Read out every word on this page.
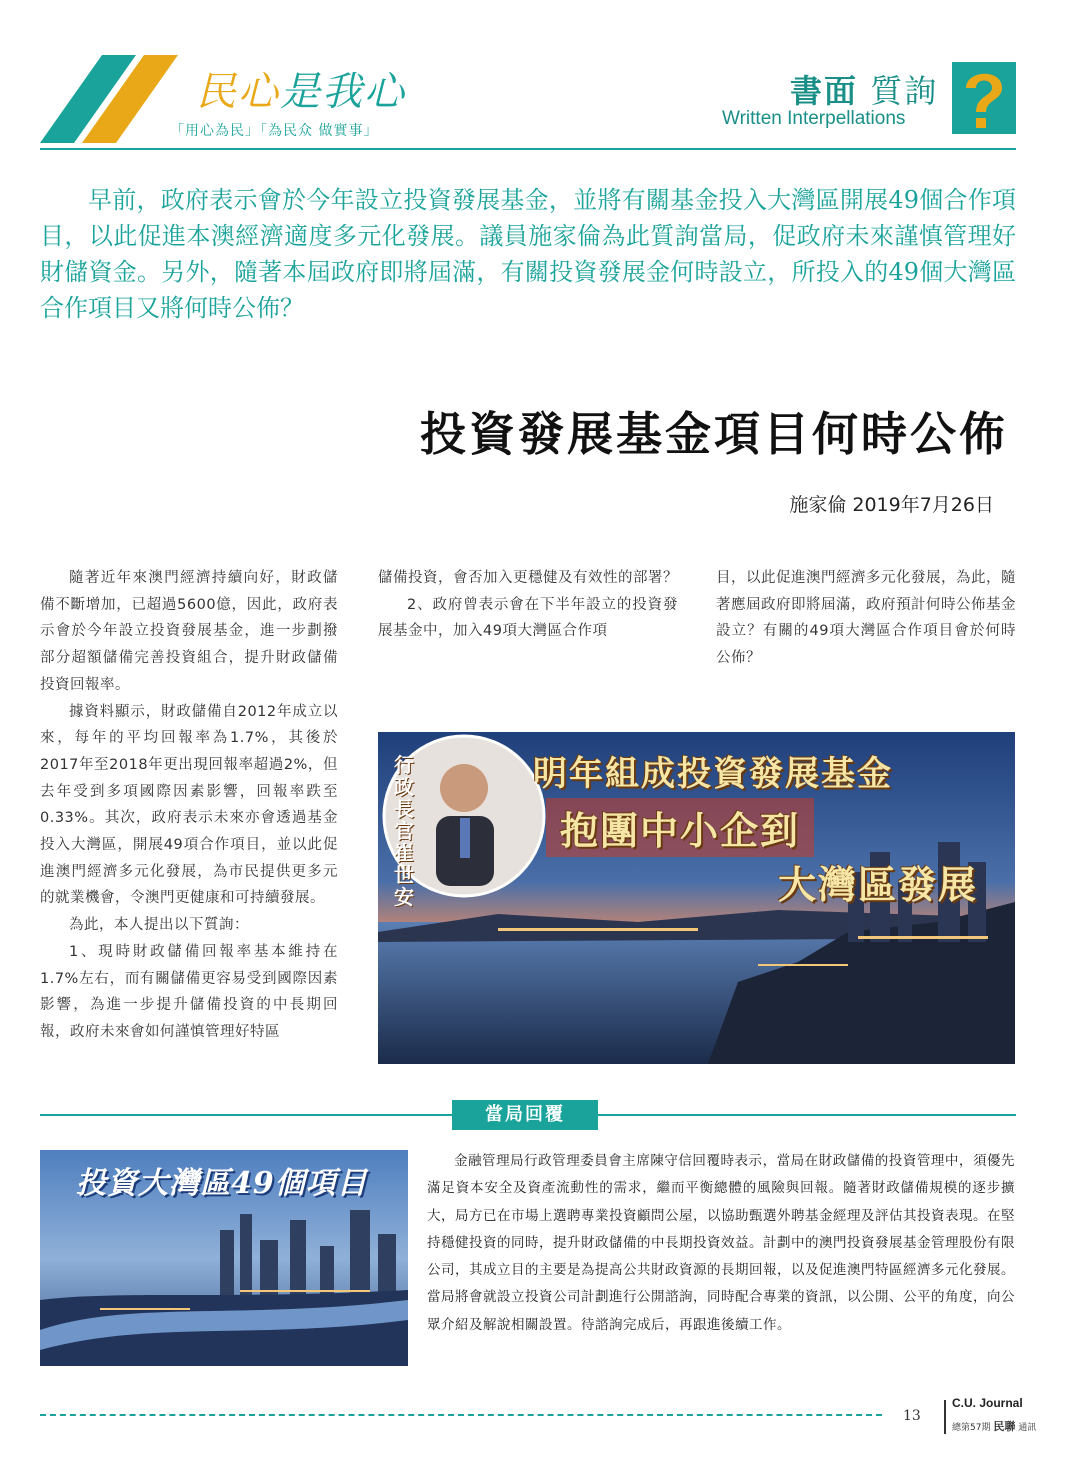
民心是我心
「用心為民」「為民众 做實事」
書面 質詢
Written Interpellations

早前，政府表示會於今年設立投資發展基金，並將有關基金投入大灣區開展49個合作項目，以此促進本澳經濟適度多元化發展。議員施家倫為此質詢當局，促政府未來謹慎管理好財儲資金。另外，隨著本屆政府即將屆滿，有關投資發展金何時設立，所投入的49個大灣區合作項目又將何時公佈？

投資發展基金項目何時公佈
施家倫 2019年7月26日

隨著近年來澳門經濟持續向好，財政儲備不斷增加，已超過5600億，因此，政府表示會於今年設立投資發展基金，進一步劃撥部分超額儲備完善投資組合，提升財政儲備投資回報率。

據資料顯示，財政儲備自2012年成立以來，每年的平均回報率為1.7%，其後於2017年至2018年更出現回報率超過2%，但去年受到多項國際因素影響，回報率跌至0.33%。其次，政府表示未來亦會透過基金投入大灣區，開展49項合作項目，並以此促進澳門經濟多元化發展，為市民提供更多元的就業機會，令澳門更健康和可持續發展。

為此，本人提出以下質詢：

1、現時財政儲備回報率基本維持在1.7%左右，而有關儲備更容易受到國際因素影響，為進一步提升儲備投資的中長期回報，政府未來會如何謹慎管理好特區

儲備投資，會否加入更穩健及有效性的部署？

2、政府曾表示會在下半年設立的投資發展基金中，加入49項大灣區合作項

目，以此促進澳門經濟多元化發展，為此，隨著應屆政府即將屆滿，政府預計何時公佈基金設立？有關的49項大灣區合作項目會於何時公佈？

行政長官崔世安
明年組成投資發展基金
抱團中小企到
大灣區發展
當局回覆
投資大灣區49個項目

金融管理局行政管理委員會主席陳守信回覆時表示，當局在財政儲備的投資管理中，須優先滿足資本安全及資產流動性的需求，繼而平衡總體的風險與回報。隨著財政儲備規模的逐步擴大，局方已在市場上選聘專業投資顧問公屋，以協助甄選外聘基金經理及評估其投資表現。在堅持穩健投資的同時，提升財政儲備的中長期投資效益。計劃中的澳門投資發展基金管理股份有限公司，其成立目的主要是為提高公共財政資源的長期回報，以及促進澳門特區經濟多元化發展。當局將會就設立投資公司計劃進行公開諮詢，同時配合專業的資訊，以公開、公平的角度，向公眾介紹及解說相關設置。待諮詢完成后，再跟進後續工作。

13
C.U. Journal
總第57期 民聯 通訊
